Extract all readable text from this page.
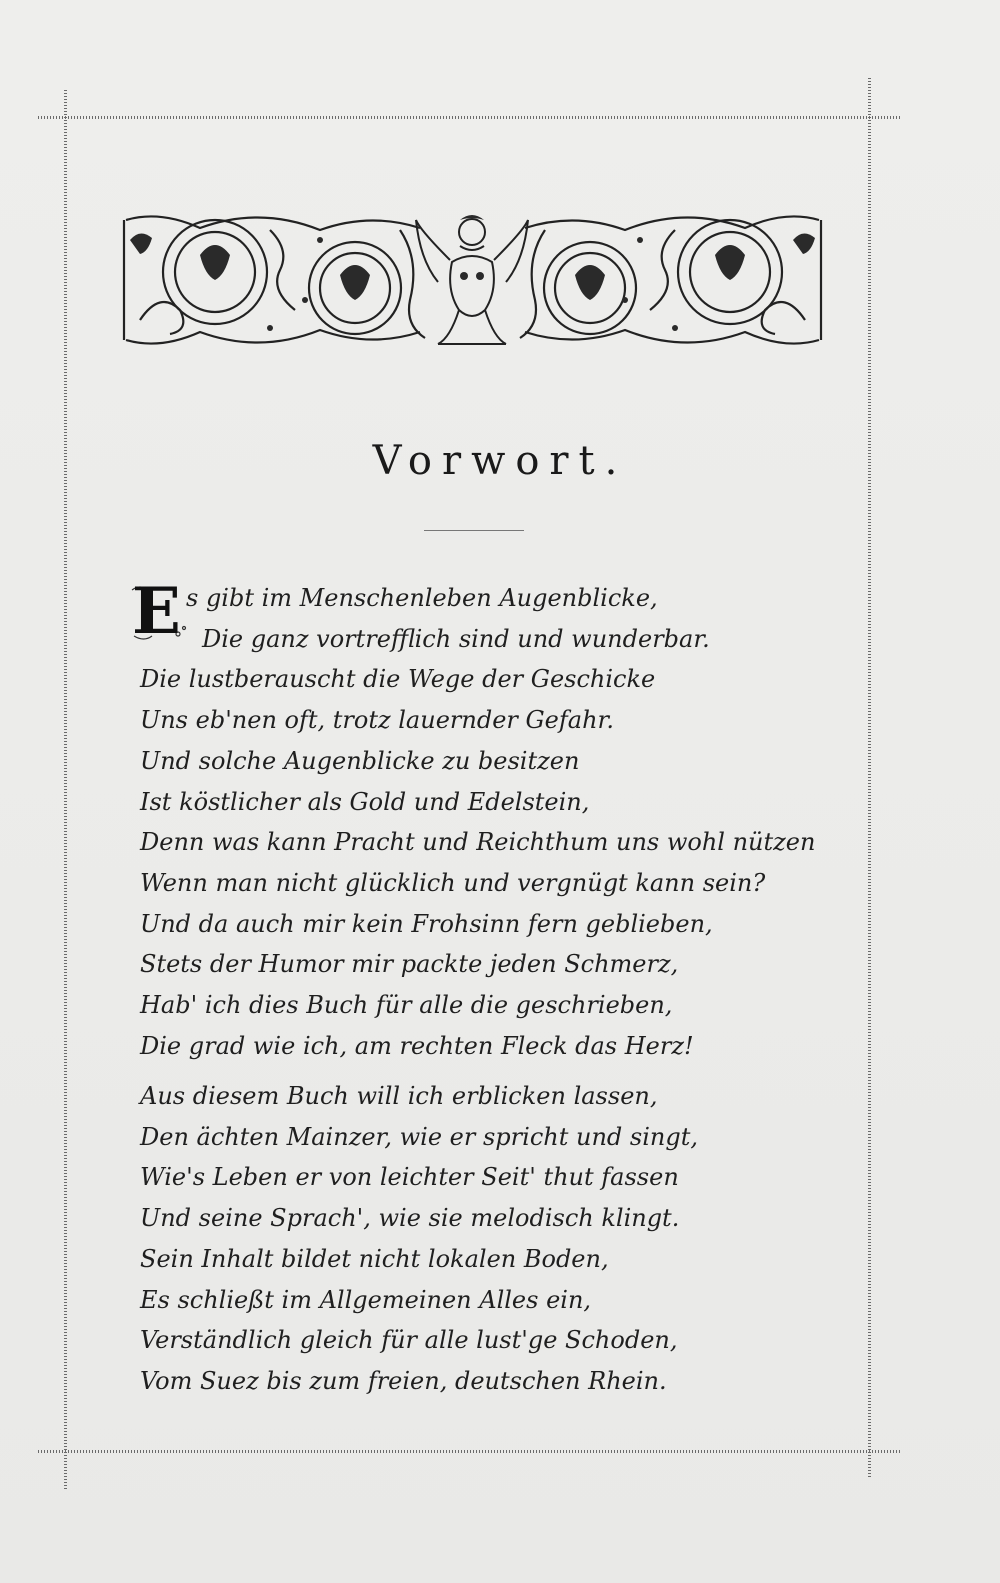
Vorwort.
E s gibt im Menschenleben Augenblicke,
Die ganz vortrefflich sind und wunderbar.
Die lustberauscht die Wege der Geschicke
Uns eb'nen oft, trotz lauernder Gefahr.
Und solche Augenblicke zu besitzen
Ist köstlicher als Gold und Edelstein,
Denn was kann Pracht und Reichthum uns wohl nützen
Wenn man nicht glücklich und vergnügt kann sein?
Und da auch mir kein Frohsinn fern geblieben,
Stets der Humor mir packte jeden Schmerz,
Hab' ich dies Buch für alle die geschrieben,
Die grad wie ich, am rechten Fleck das Herz!
Aus diesem Buch will ich erblicken lassen,
Den ächten Mainzer, wie er spricht und singt,
Wie's Leben er von leichter Seit' thut fassen
Und seine Sprach', wie sie melodisch klingt.
Sein Inhalt bildet nicht lokalen Boden,
Es schließt im Allgemeinen Alles ein,
Verständlich gleich für alle lust'ge Schoden,
Vom Suez bis zum freien, deutschen Rhein.
